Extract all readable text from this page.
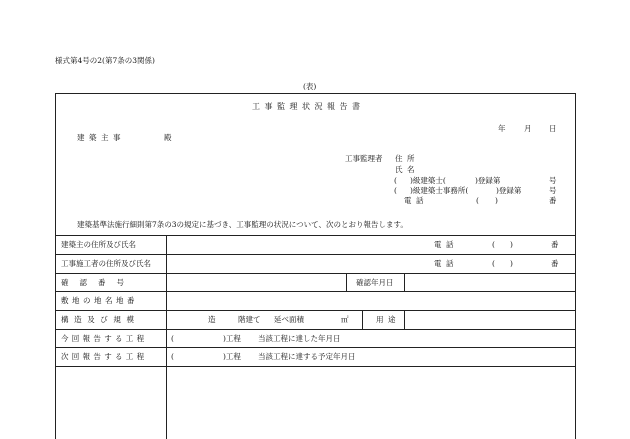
様式第4号の2(第7条の3関係)
(表)
工事監理状況報告書
年 月 日
建築主事	殿
工事監理者 住所
氏名
( )級建築士(	)登録第	号
( )級建築士事務所(	)登録第	号
電話	( )	番
建築基準法施行細則第7条の3の規定に基づき、工事監理の状況について、次のとおり報告します。
建築主の住所及び氏名	電話	( )	番
工事施工者の住所及び氏名	電話	( )	番
確認番号	確認年月日
敷地の地名地番
構造及び規模	造	階建て 延べ面積	㎡	用途
今回報告する工程	(	)工程 当該工程に達した年月日
次回報告する工程	(	)工程 当該工程に達する予定年月日
